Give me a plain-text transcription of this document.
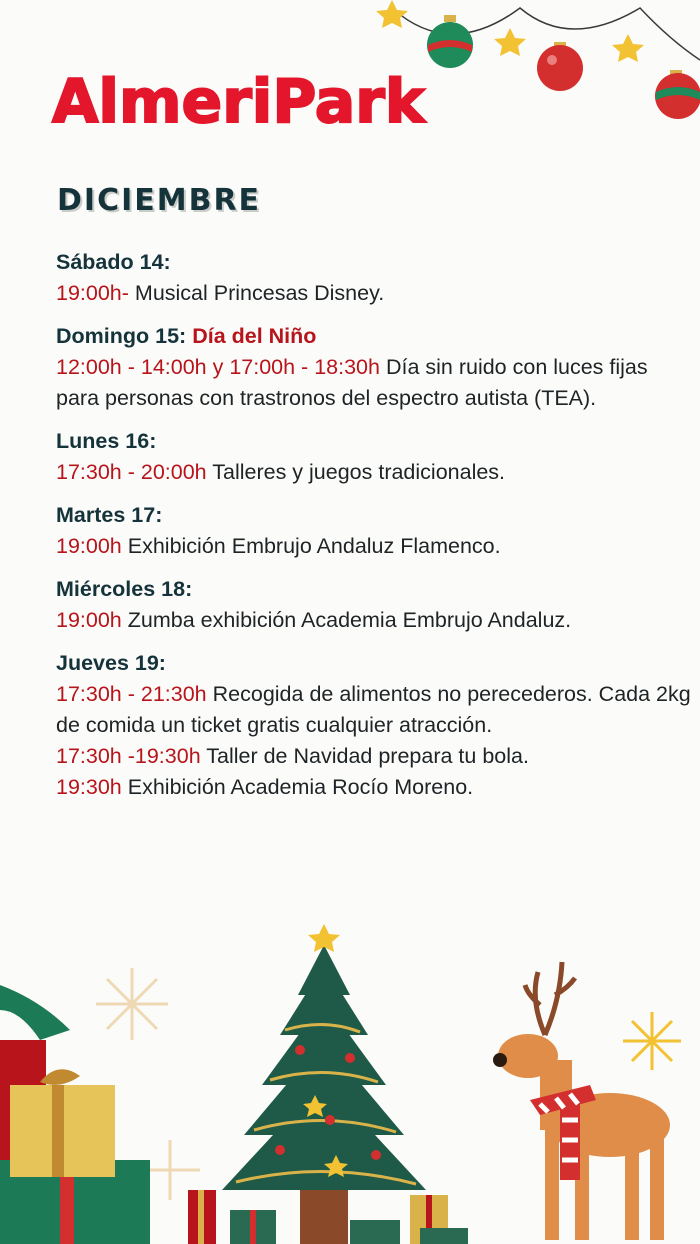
AlmeriPark
DICIEMBRE
Sábado 14:
19:00h- Musical Princesas Disney.
Domingo 15: Día del Niño
12:00h - 14:00h y 17:00h - 18:30h Día sin ruido con luces fijas para personas con trastronos del espectro autista (TEA).
Lunes 16:
17:30h - 20:00h Talleres y juegos tradicionales.
Martes 17:
19:00h Exhibición Embrujo Andaluz Flamenco.
Miércoles 18:
19:00h Zumba exhibición Academia Embrujo Andaluz.
Jueves 19:
17:30h - 21:30h Recogida de alimentos no perecederos. Cada 2kg de comida un ticket gratis cualquier atracción.
17:30h -19:30h Taller de Navidad prepara tu bola.
19:30h Exhibición Academia Rocío Moreno.
